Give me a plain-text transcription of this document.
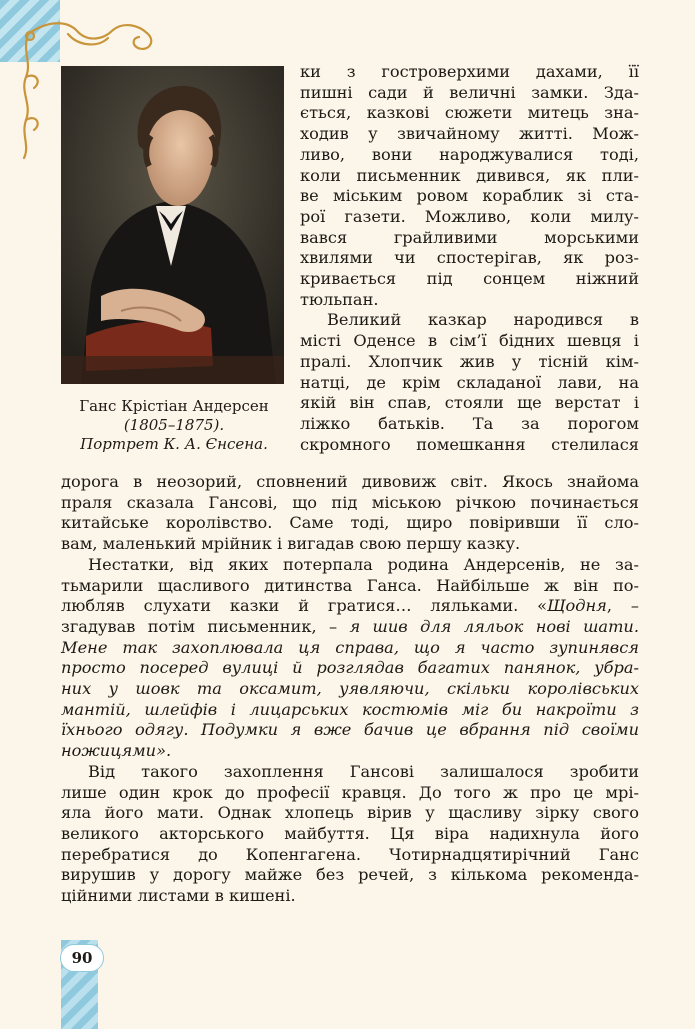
Ганс Крістіан Андерсен
(1805–1875).
Портрет К. А. Єнсена.
ки з гостроверхими дахами, її
пишні сади й величні замки. Зда-
ється, казкові сюжети митець зна-
ходив у звичайному житті. Мож-
ливо, вони народжувалися тоді,
коли письменник дивився, як пли-
ве міським ровом кораблик зі ста-
рої газети. Можливо, коли милу-
вався грайливими морськими
хвилями чи спостерігав, як роз-
кривається під сонцем ніжний
тюльпан.
Великий казкар народився в
місті Оденсе в сім’ї бідних шевця і
пралі. Хлопчик жив у тісній кім-
натці, де крім складаної лави, на
якій він спав, стояли ще верстат і
ліжко батьків. Та за порогом
скромного помешкання стелилася
дорога в неозорий, сповнений дивовиж світ. Якось знайома
праля сказала Гансові, що під міською річкою починається
китайське королівство. Саме тоді, щиро повіривши її сло-
вам, маленький мрійник і вигадав свою першу казку.
Нестатки, від яких потерпала родина Андерсенів, не за-
тьмарили щасливого дитинства Ганса. Найбільше ж він по-
любляв слухати казки й гратися… ляльками. «Щодня, –
згадував потім письменник, – я шив для ляльок нові шати.
Мене так захоплювала ця справа, що я часто зупинявся
просто посеред вулиці й розглядав багатих панянок, убра-
них у шовк та оксамит, уявляючи, скільки королівських
мантій, шлейфів і лицарських костюмів міг би накроїти з
їхнього одягу. Подумки я вже бачив це вбрання під своїми
ножицями».
Від такого захоплення Гансові залишалося зробити
лише один крок до професії кравця. До того ж про це мрі-
яла його мати. Однак хлопець вірив у щасливу зірку свого
великого акторського майбуття. Ця віра надихнула його
перебратися до Копенгагена. Чотирнадцятирічний Ганс
вирушив у дорогу майже без речей, з кількома рекоменда-
ційними листами в кишені.
90
